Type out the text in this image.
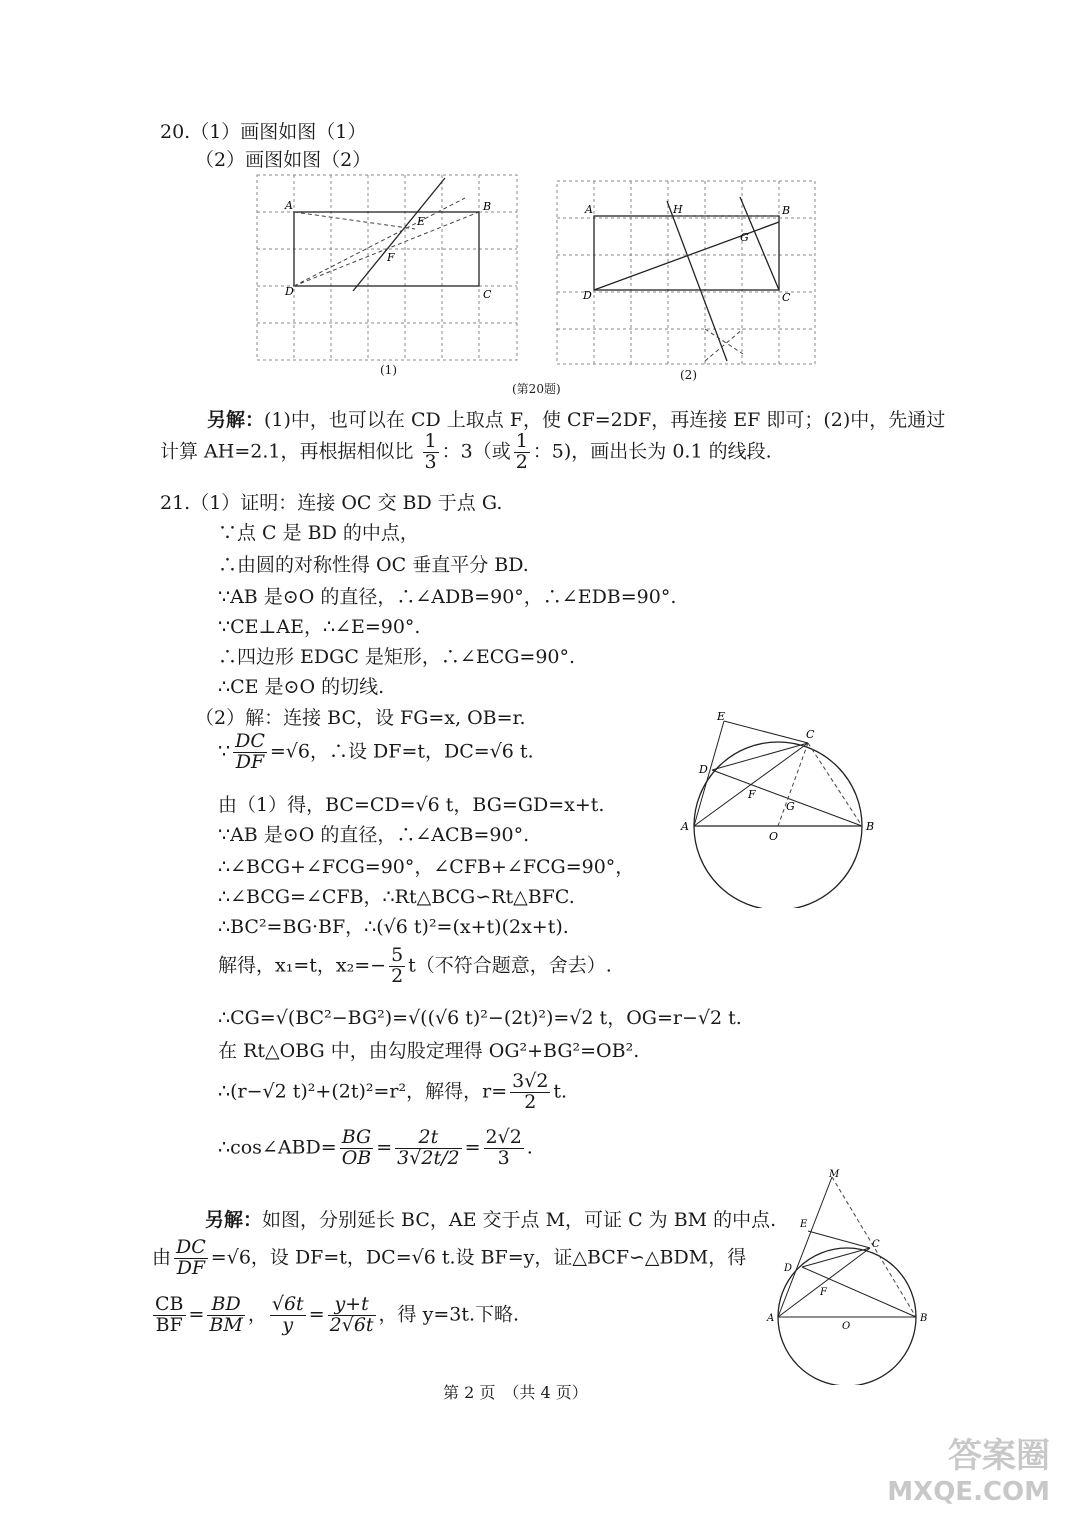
20.（1）画图如图（1）
（2）画图如图（2）
A	B
C
D
E
F
A	B
C
D
H
G
(1)	(2)
(第20题)
另解：(1)中，也可以在 CD 上取点 F，使 CF=2DF，再连接 EF 即可；(2)中，先通过
计算 AH=2.1，再根据相似比 $\frac{1}{3}$ ：3（或 $\frac{1}{2}$ ：5)，画出长为 0.1 的线段.
21.（1）证明：连接 OC 交 BD 于点 G.
∵点 C 是 BD 的中点，
∴由圆的对称性得 OC 垂直平分 BD.
∵AB 是⊙O 的直径，∴∠ADB=90°，∴∠EDB=90°.
∵CE⊥AE，∴∠E=90°.
∴四边形 EDGC 是矩形，∴∠ECG=90°.
∴CE 是⊙O 的切线.
（2）解：连接 BC，设 FG=x, OB=r.
∵ $\frac{DC}{DF} =√6$，∴设 DF=t，DC=√6 t.
由（1）得，BC=CD=√6 t，BG=GD=x+t.
∵AB 是⊙O 的直径，∴∠ACB=90°.
∴∠BCG+∠FCG=90°，∠CFB+∠FCG=90°，
∴∠BCG=∠CFB，∴Rt△BCG∽Rt△BFC.
∴BC²=BG·BF，∴(√6 t)²=(x+t)(2x+t).
解得，x₁=t，$x_2=- \frac{5}{2} t$（不符合题意，舍去）.
∴CG=√(BC²−BG²)=√((√6 t)²−(2t)²)=√2 t，OG=r−√2 t.
在 Rt△OBG 中，由勾股定理得 OG²+BG²=OB².
∴(r−√2 t)²+(2t)²=r²，解得，$r= \frac{3√2}{2} t$.
∴cos∠ABD= $\frac{BG}{OB} = \frac{2t}{3√2t/2} = \frac{2√2}{3}$ .
E
C
D
F
G
A	B
O
另解：如图，分别延长 BC，AE 交于点 M，可证 C 为 BM 的中点.
由 $\frac{DC}{DF} =√6$，设 DF=t，DC=√6 t.设 BF=y，证△BCF∽△BDM，得
$\frac{CB}{BF} = \frac{BD}{BM}$ ， $\frac{√6t}{y} = \frac{y+t}{2√6t}$ ，得 y=3t.下略.
M
E
C
D
F
A	B
O
第 2 页　（共 4 页）
答案圈
MXQE.COM
